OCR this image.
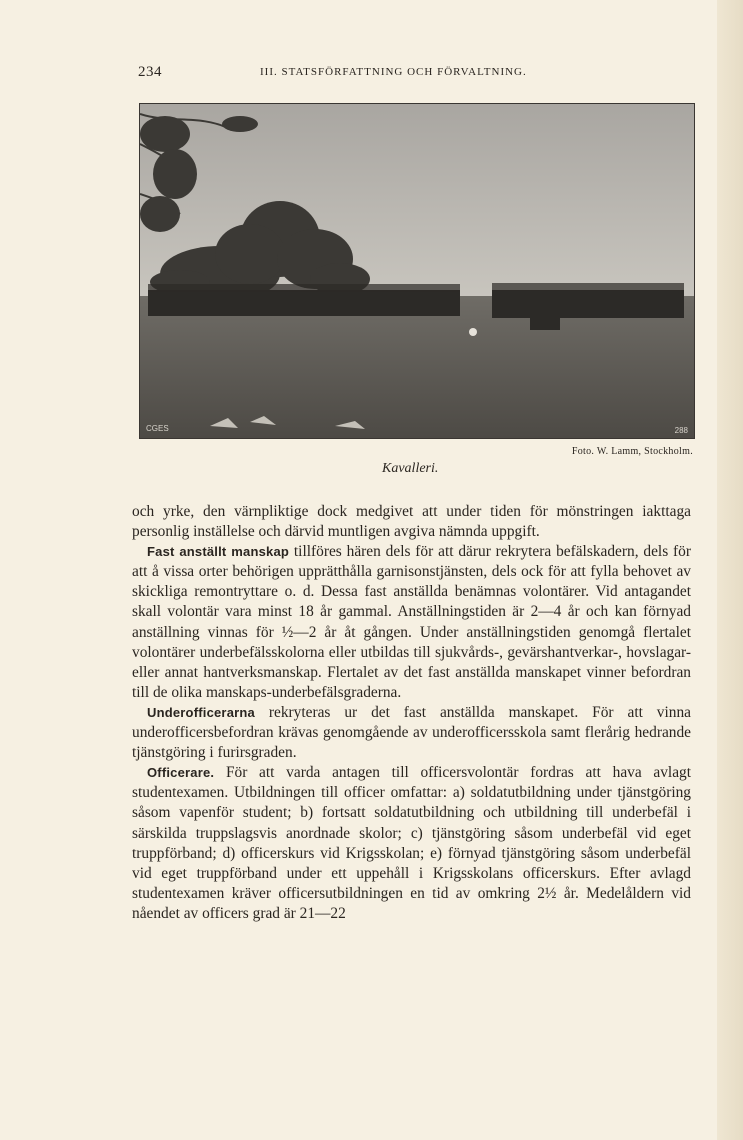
234	III. STATSFÖRFATTNING OCH FÖRVALTNING.
CGES	288
Foto. W. Lamm, Stockholm.
Kavalleri.

och yrke, den värnpliktige dock medgivet att under tiden för mönstringen iakttaga personlig inställelse och därvid muntligen avgiva nämnda uppgift.

Fast anställt manskap tillföres hären dels för att därur rekrytera befälskadern, dels för att å vissa orter behörigen upprätthålla garnisonstjänsten, dels ock för att fylla behovet av skickliga remontryttare o. d. Dessa fast anställda benämnas volontärer. Vid antagandet skall volontär vara minst 18 år gammal. Anställningstiden är 2—4 år och kan förnyad anställning vinnas för ½—2 år åt gången. Under anställningstiden genomgå flertalet volontärer underbefälsskolorna eller utbildas till sjukvårds-, gevärshantverkar-, hovslagar- eller annat hantverksmanskap. Flertalet av det fast anställda manskapet vinner befordran till de olika manskaps-underbefälsgraderna.

Underofficerarna rekryteras ur det fast anställda manskapet. För att vinna underofficersbefordran krävas genomgående av underofficersskola samt flerårig hedrande tjänstgöring i furirsgraden.

Officerare. För att varda antagen till officersvolontär fordras att hava avlagt studentexamen. Utbildningen till officer omfattar: a) soldatutbildning under tjänstgöring såsom vapenför student; b) fortsatt soldatutbildning och utbildning till underbefäl i särskilda truppslagsvis anordnade skolor; c) tjänstgöring såsom underbefäl vid eget truppförband; d) officerskurs vid Krigsskolan; e) förnyad tjänstgöring såsom underbefäl vid eget truppförband under ett uppehåll i Krigsskolans officerskurs. Efter avlagd studentexamen kräver officersutbildningen en tid av omkring 2½ år. Medelåldern vid nåendet av officers grad är 21—22
